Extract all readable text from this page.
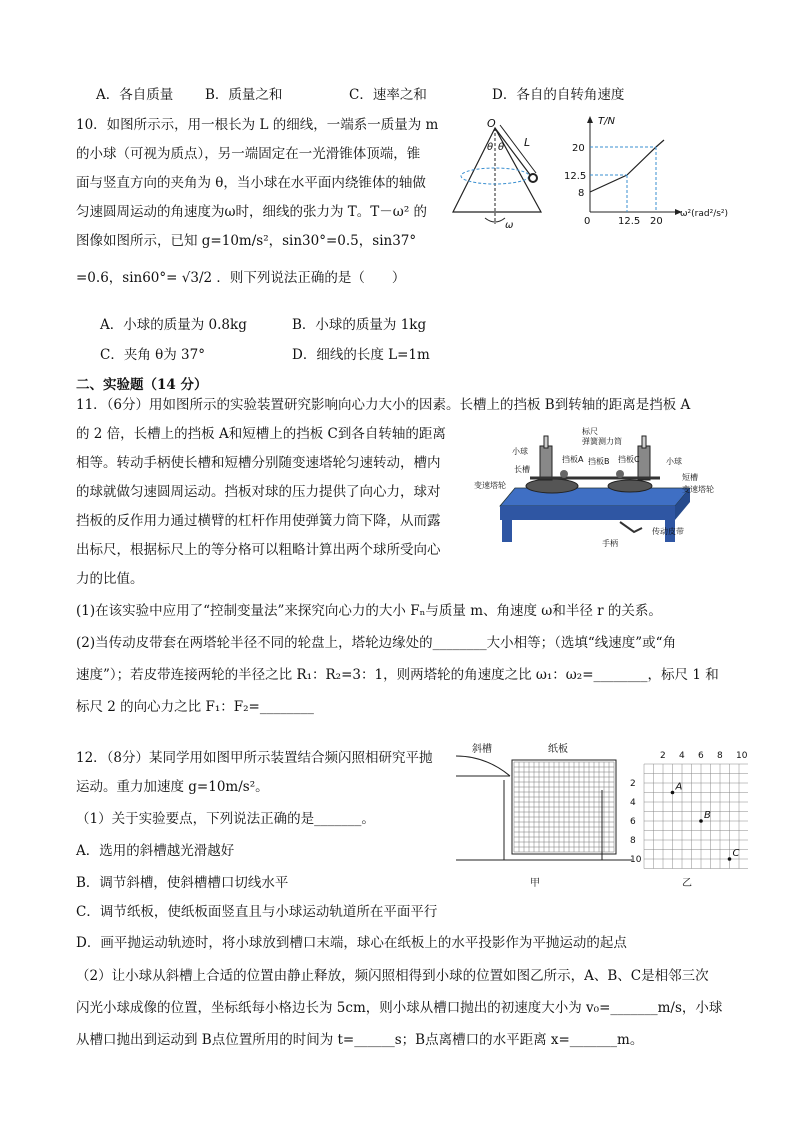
A．各自质量 B．质量之和	C．速率之和	D．各自的自转角速度

10．如图所示示，用一根长为 L 的细线，一端系一质量为 m

的小球（可视为质点），另一端固定在一光滑锥体顶端，锥

面与竖直方向的夹角为 θ，当小球在水平面内绕锥体的轴做

匀速圆周运动的角速度为ω时，细线的张力为 T。T－ω² 的

图像如图所示，已知 g=10m/s²，sin30°=0.5，sin37°

=0.6，sin60°= √3/2 ．则下列说法正确的是（　　）

A．小球的质量为 0.8kg	B．小球的质量为 1kg
C．夹角 θ为 37°	D．细线的长度 L=1m
O
θ θ L
ω
T/N
20
12.5
8
0	12.5 20
ω²(rad²/s²)
二、实验题（14 分）

11．（6分）用如图所示的实验装置研究影响向心力大小的因素。长槽上的挡板 B到转轴的距离是挡板 A

的 2 倍，长槽上的挡板 A和短槽上的挡板 C到各自转轴的距离

相等。转动手柄使长槽和短槽分别随变速塔轮匀速转动，槽内

的球就做匀速圆周运动。挡板对球的压力提供了向心力，球对

挡板的反作用力通过横臂的杠杆作用使弹簧力筒下降，从而露

出标尺，根据标尺上的等分格可以粗略计算出两个球所受向心

力的比值。

(1)在该实验中应用了“控制变量法”来探究向心力的大小 Fₙ与质量 m、角速度 ω和半径 r 的关系。

(2)当传动皮带套在两塔轮半径不同的轮盘上，塔轮边缘处的________大小相等；（选填“线速度”或“角

速度”）；若皮带连接两轮的半径之比 R₁：R₂=3：1，则两塔轮的角速度之比 ω₁：ω₂=________，标尺 1 和

标尺 2 的向心力之比 F₁：F₂=________

标尺
弹簧测力筒
小球
挡板A 挡板B 挡板C	小球
长槽
短槽
变速塔轮	变速塔轮
传动皮带
手柄

12．（8分）某同学用如图甲所示装置结合频闪照相研究平抛

运动。重力加速度 g=10m/s²。

（1）关于实验要点，下列说法正确的是_______。

A．选用的斜槽越光滑越好

B．调节斜槽，使斜槽槽口切线水平

C．调节纸板，使纸板面竖直且与小球运动轨道所在平面平行

D．画平抛运动轨迹时，将小球放到槽口末端，球心在纸板上的水平投影作为平抛运动的起点

（2）让小球从斜槽上合适的位置由静止释放，频闪照相得到小球的位置如图乙所示，A、B、C是相邻三次

闪光小球成像的位置，坐标纸每小格边长为 5cm，则小球从槽口抛出的初速度大小为 v₀=_______m/s，小球

从槽口抛出到运动到 B点位置所用的时间为 t=______s；B点离槽口的水平距离 x=_______m。

斜槽	纸板
甲
2 4 6 8 10
2
4
6
8
10
A
B
C
乙
